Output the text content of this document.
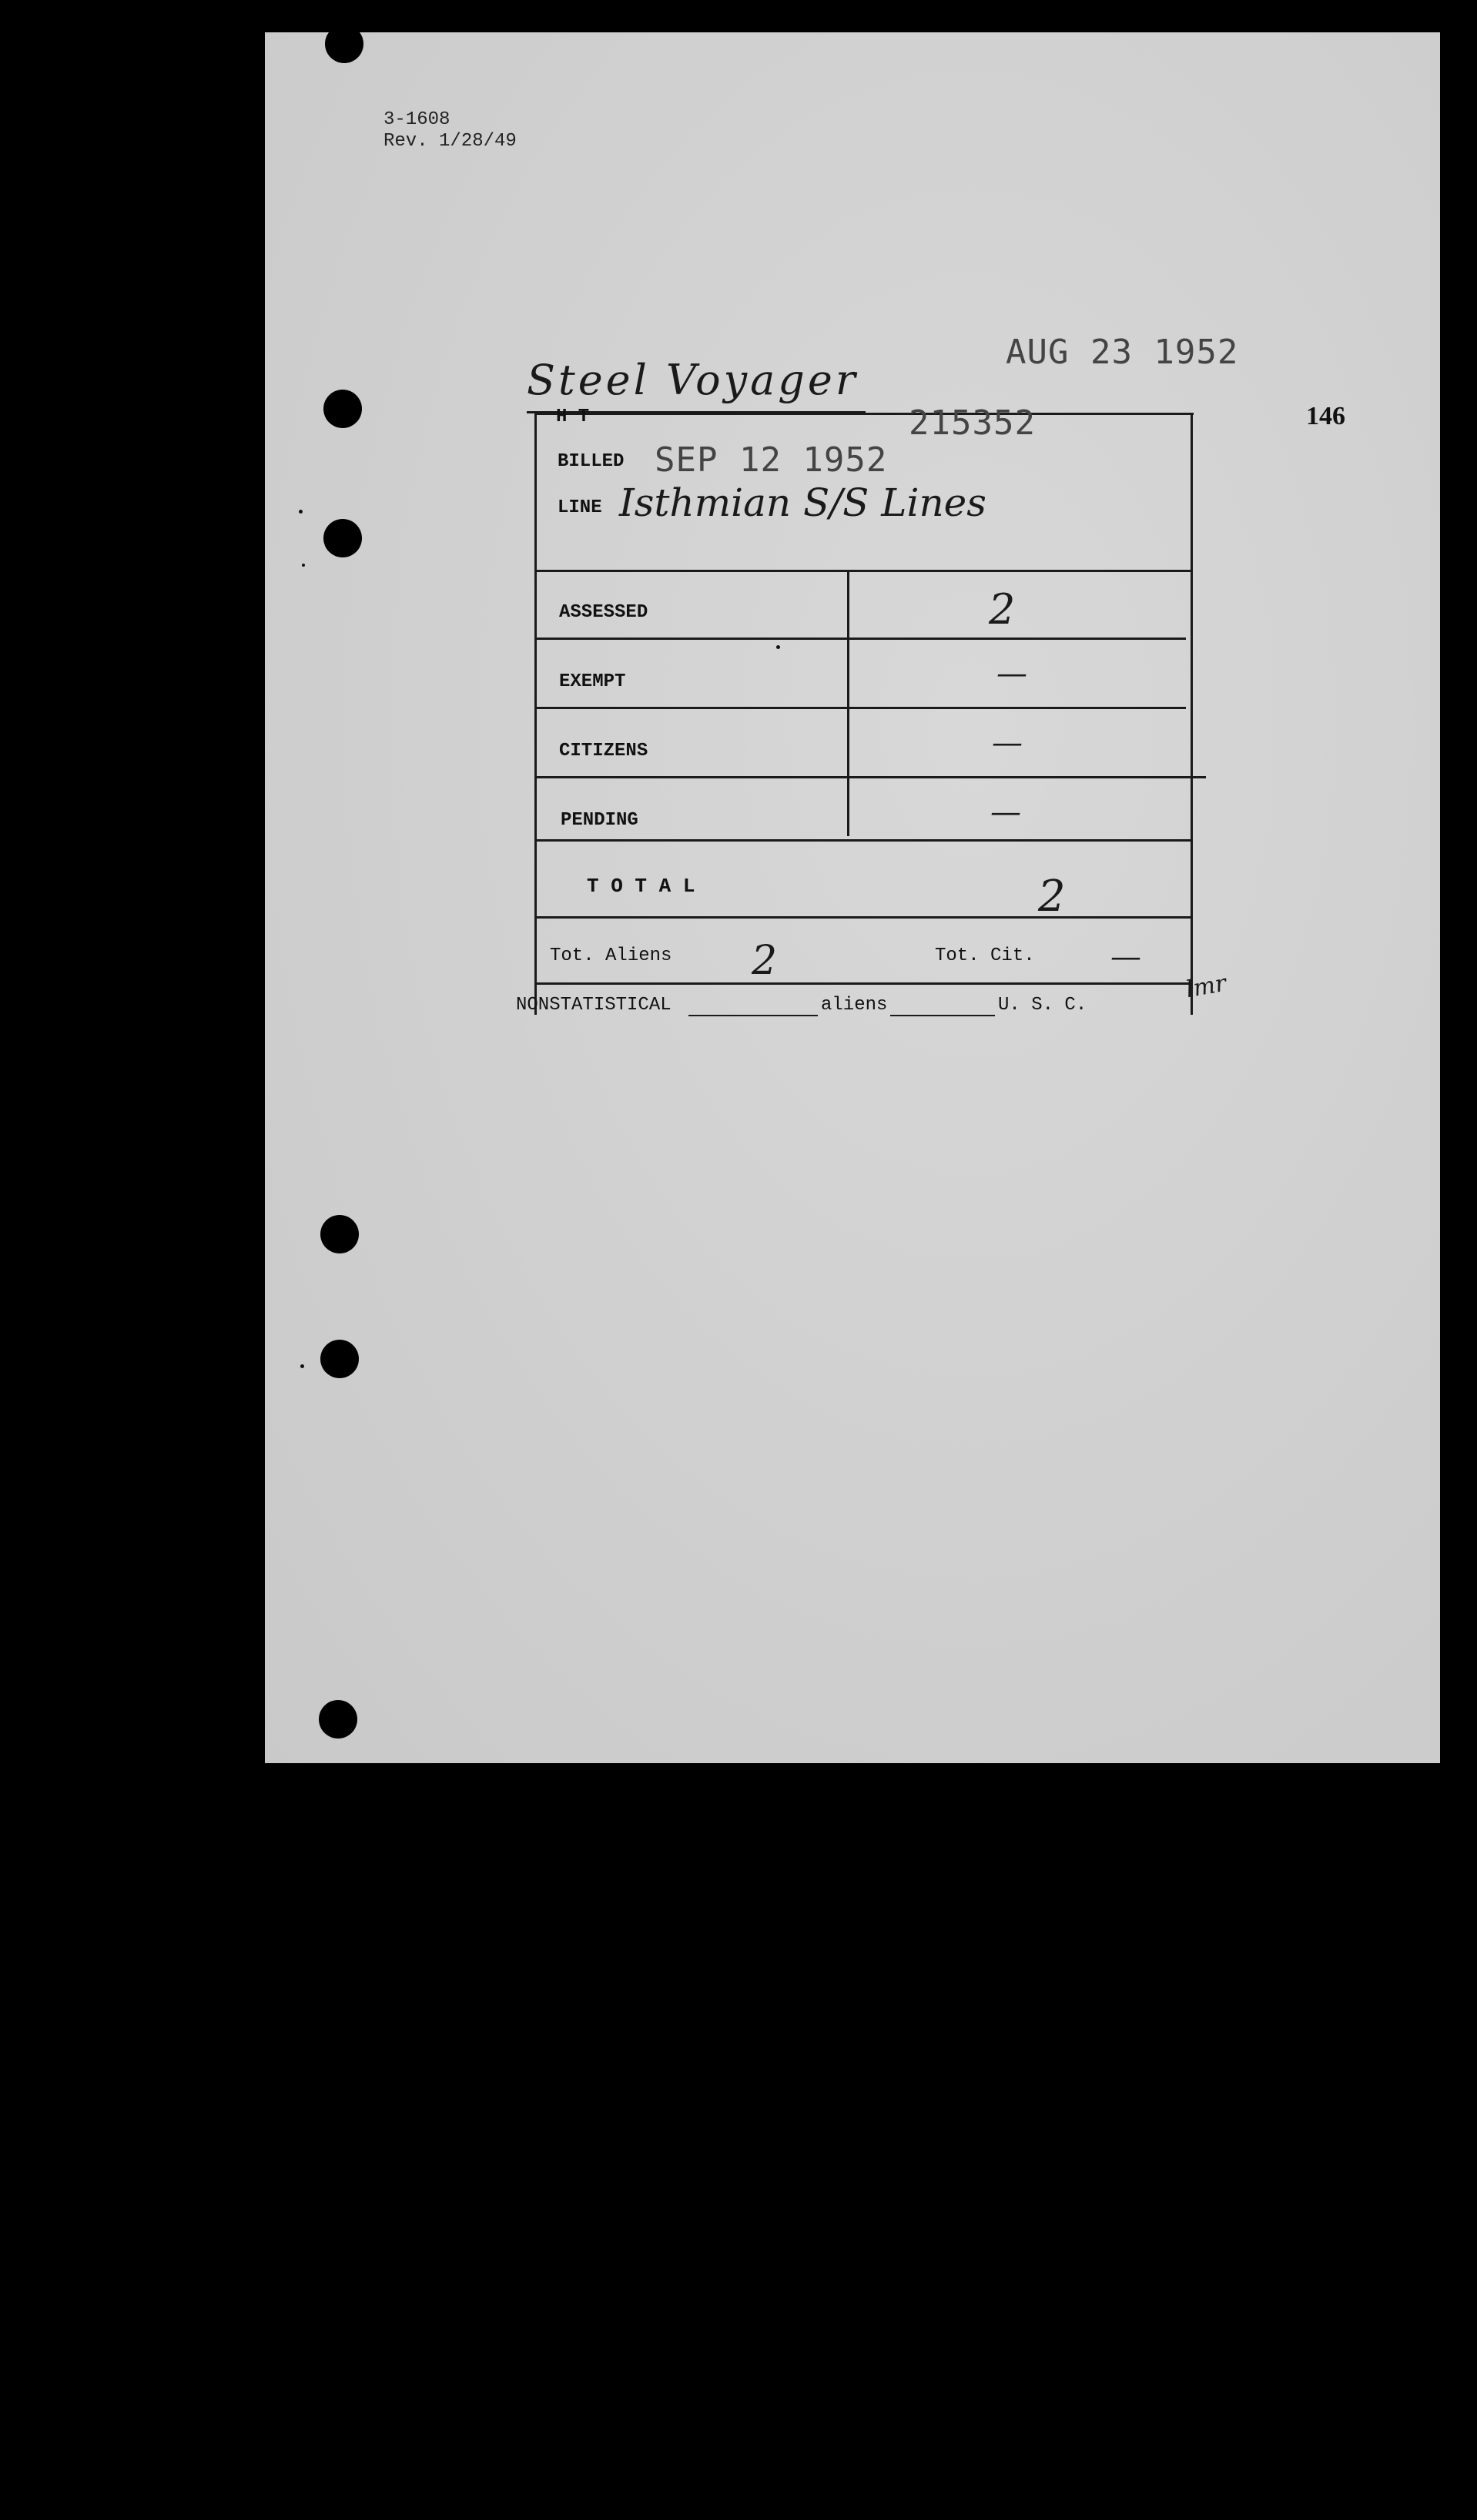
3-1608
Rev. 1/28/49
146
AUG 23 1952
Steel Voyager
H T	215352
BILLED SEP 12 1952
LINE Isthmian S/S Lines
ASSESSED	2
EXEMPT	—
CITIZENS	—
PENDING	—
T O T A L	2
Tot. Aliens 2	Tot. Cit. —
lmr
NONSTATISTICAL	aliens	U. S. C.
